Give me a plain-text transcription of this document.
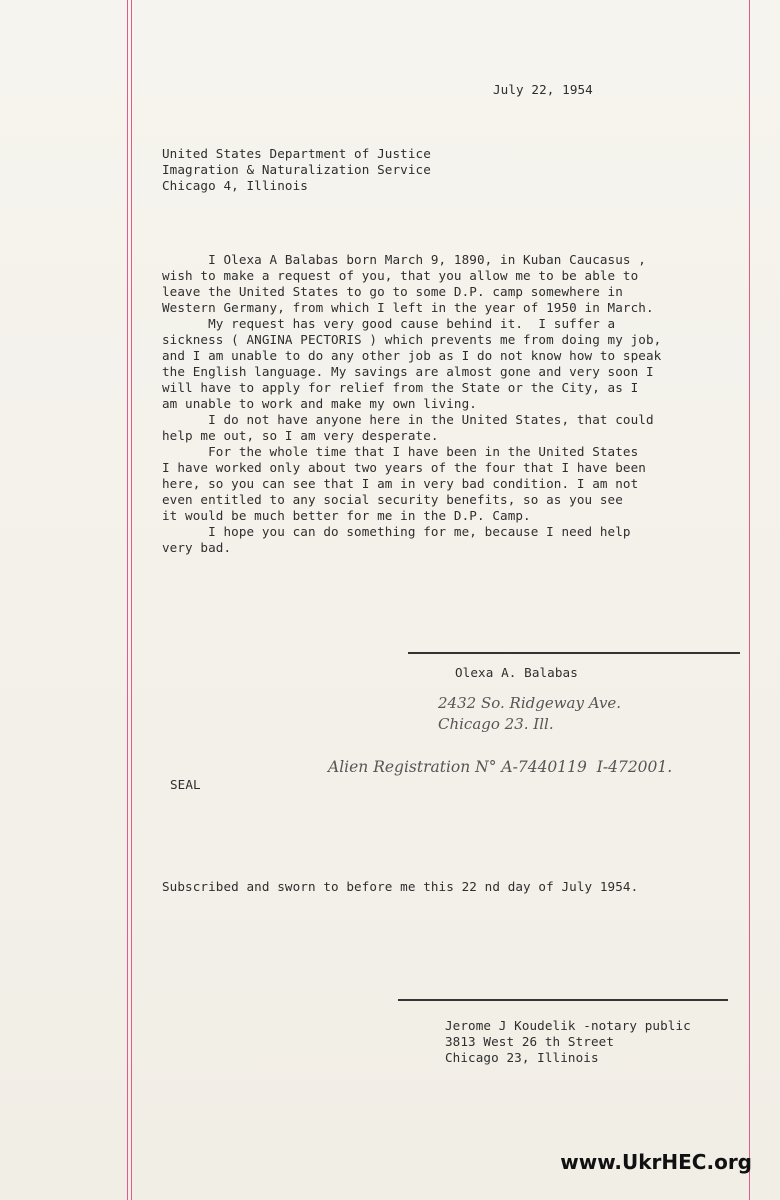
July 22, 1954
United States Department of Justice
Imagration & Naturalization Service
Chicago 4, Illinois
I Olexa A Balabas born March 9, 1890, in Kuban Caucasus ,
wish to make a request of you, that you allow me to be able to
leave the United States to go to some D.P. camp somewhere in
Western Germany, from which I left in the year of 1950 in March.
My request has very good cause behind it.  I suffer a
sickness ( ANGINA PECTORIS ) which prevents me from doing my job,
and I am unable to do any other job as I do not know how to speak
the English language. My savings are almost gone and very soon I
will have to apply for relief from the State or the City, as I
am unable to work and make my own living.
I do not have anyone here in the United States, that could
help me out, so I am very desperate.
For the whole time that I have been in the United States
I have worked only about two years of the four that I have been
here, so you can see that I am in very bad condition. I am not
even entitled to any social security benefits, so as you see
it would be much better for me in the D.P. Camp.
I hope you can do something for me, because I need help
very bad.
Olexa A. Balabas
2432 So. Ridgeway Ave.
Chicago 23. Ill.
Alien Registration N° A-7440119  I-472001.
SEAL
Subscribed and sworn to before me this 22 nd day of July 1954.
Jerome J Koudelik -notary public
3813 West 26 th Street
Chicago 23, Illinois
www.UkrHEC.org
